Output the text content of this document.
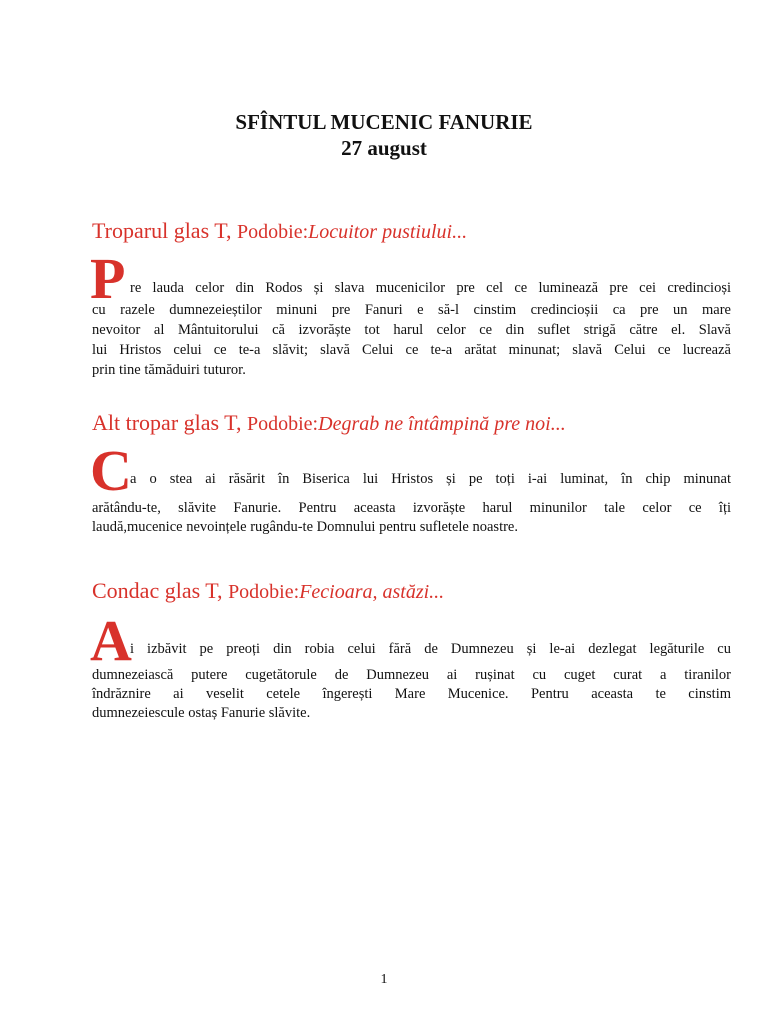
SFÎNTUL MUCENIC FANURIE
27 august
Troparul glas T, Podobie:Locuitor pustiului...
P re lauda celor din Rodos și slava mucenicilor pre cel ce luminează pre cei credincioși
cu razele dumnezeieștilor minuni pre Fanuri e să-l cinstim credincioșii ca pre un mare
nevoitor al Mântuitorului că izvorăște tot harul celor ce din suflet strigă către el. Slavă
lui Hristos celui ce te-a slăvit; slavă Celui ce te-a arătat minunat; slavă Celui ce lucrează
prin tine tămăduiri tuturor.
Alt tropar glas T, Podobie:Degrab ne întâmpină pre noi...
C
a o stea ai răsărit în Biserica lui Hristos și pe toți i-ai luminat, în chip minunat
arătându-te, slăvite Fanurie. Pentru aceasta izvorăște harul minunilor tale celor ce îți
laudă,mucenice nevoințele rugându-te Domnului pentru sufletele noastre.
Condac glas T, Podobie:Fecioara, astăzi...
A
i izbăvit pe preoți din robia celui fără de Dumnezeu și le-ai dezlegat legăturile cu
dumnezeiască putere cugetătorule de Dumnezeu ai rușinat cu cuget curat a tiranilor
îndrăznire ai veselit cetele îngerești Mare Mucenice. Pentru aceasta te cinstim
dumnezeiescule ostaș Fanurie slăvite.
1
